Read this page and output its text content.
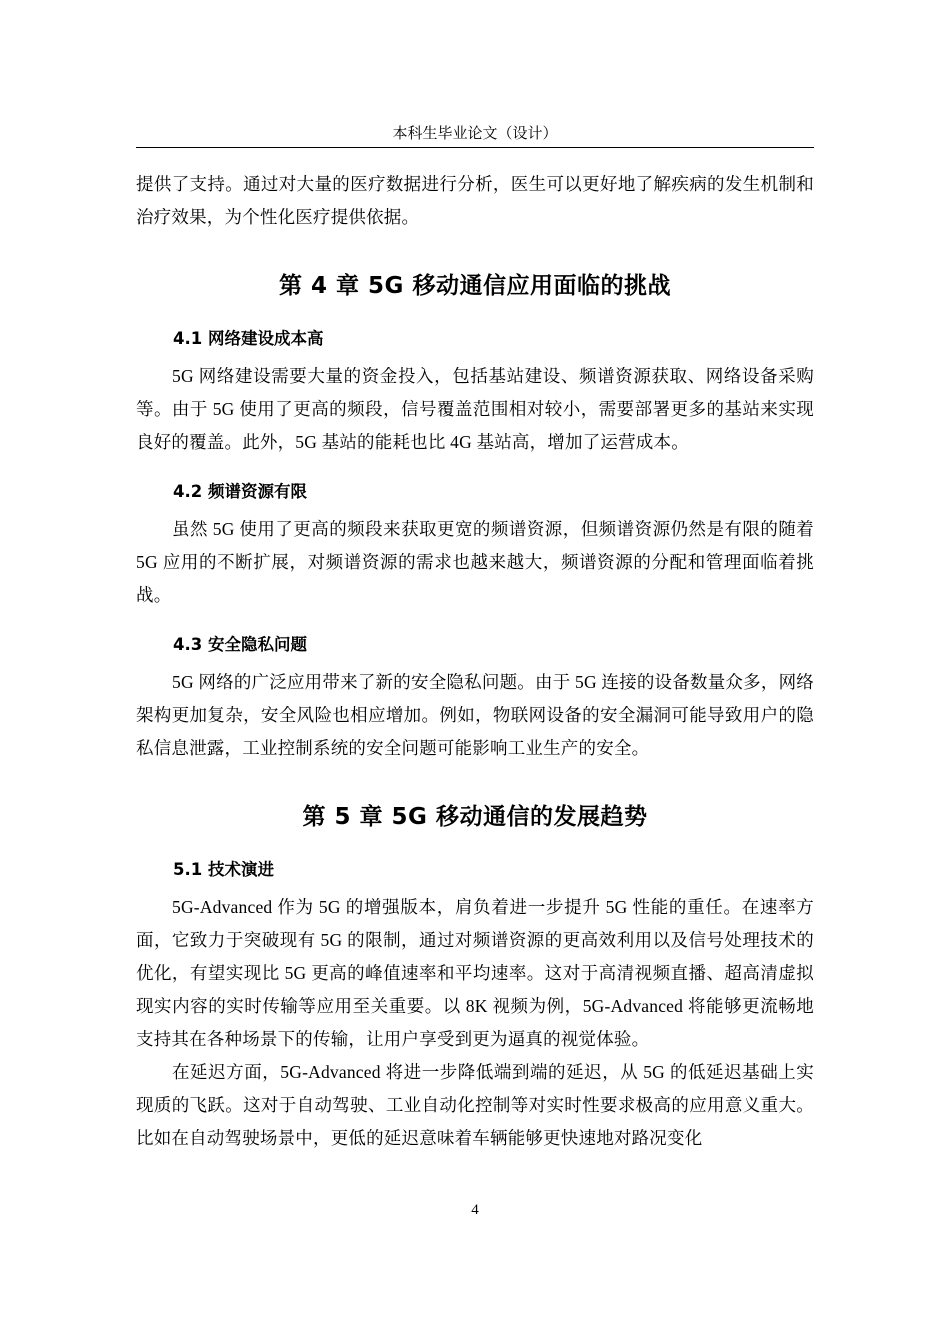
本科生毕业论文（设计）

提供了支持。通过对大量的医疗数据进行分析，医生可以更好地了解疾病的发生机制和治疗效果，为个性化医疗提供依据。

第 4 章 5G 移动通信应用面临的挑战
4.1 网络建设成本高

5G 网络建设需要大量的资金投入，包括基站建设、频谱资源获取、网络设备采购等。由于 5G 使用了更高的频段，信号覆盖范围相对较小，需要部署更多的基站来实现良好的覆盖。此外，5G 基站的能耗也比 4G 基站高，增加了运营成本。

4.2 频谱资源有限

虽然 5G 使用了更高的频段来获取更宽的频谱资源，但频谱资源仍然是有限的随着 5G 应用的不断扩展，对频谱资源的需求也越来越大，频谱资源的分配和管理面临着挑战。

4.3 安全隐私问题

5G 网络的广泛应用带来了新的安全隐私问题。由于 5G 连接的设备数量众多，网络架构更加复杂，安全风险也相应增加。例如，物联网设备的安全漏洞可能导致用户的隐私信息泄露，工业控制系统的安全问题可能影响工业生产的安全。

第 5 章 5G 移动通信的发展趋势
5.1 技术演进

5G-Advanced 作为 5G 的增强版本，肩负着进一步提升 5G 性能的重任。在速率方面，它致力于突破现有 5G 的限制，通过对频谱资源的更高效利用以及信号处理技术的优化，有望实现比 5G 更高的峰值速率和平均速率。这对于高清视频直播、超高清虚拟现实内容的实时传输等应用至关重要。以 8K 视频为例，5G-Advanced 将能够更流畅地支持其在各种场景下的传输，让用户享受到更为逼真的视觉体验。

在延迟方面，5G-Advanced 将进一步降低端到端的延迟，从 5G 的低延迟基础上实现质的飞跃。这对于自动驾驶、工业自动化控制等对实时性要求极高的应用意义重大。比如在自动驾驶场景中，更低的延迟意味着车辆能够更快速地对路况变化

4
